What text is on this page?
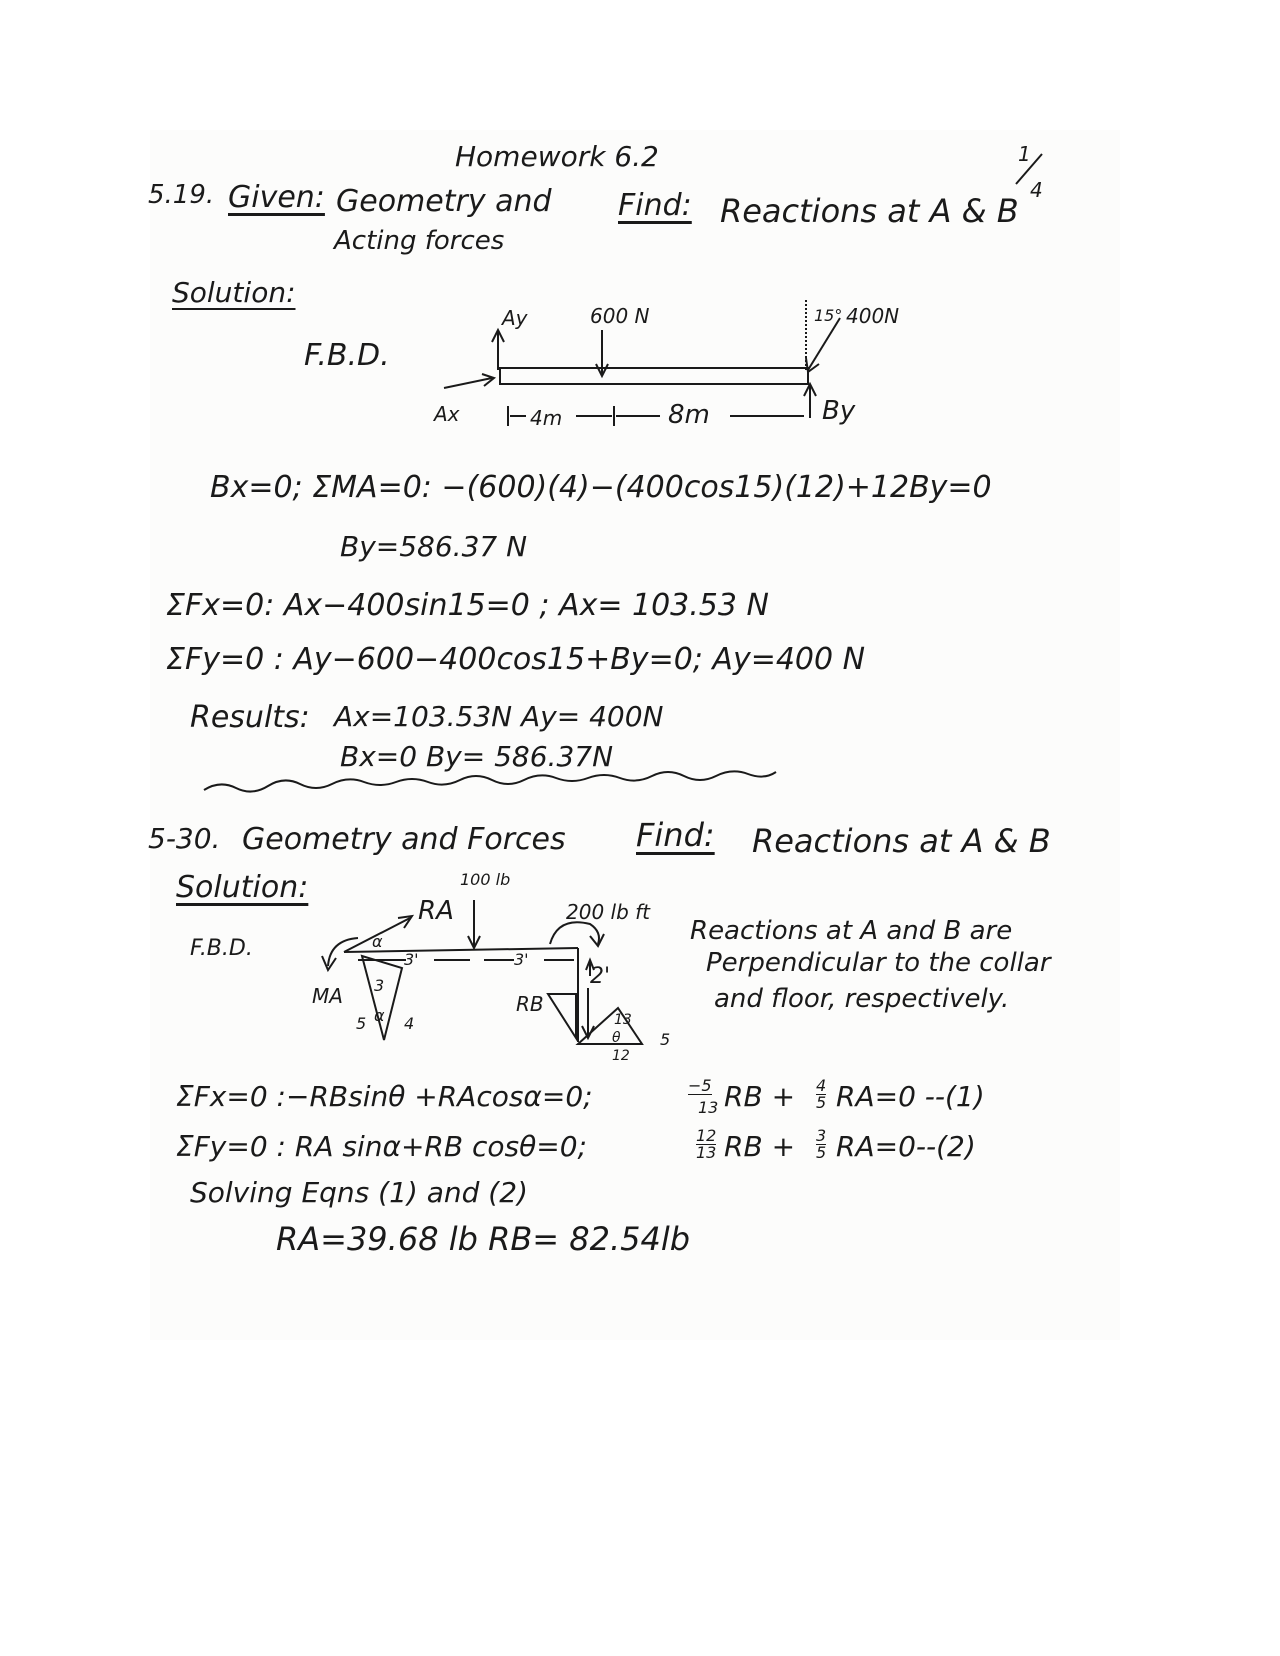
Homework 6.2	1
4
5.19. Given: Geometry and
Acting forces
Find: Reactions at A & B
Solution:
F.B.D.
Ay	600 N	15° 400N
Ax	4m	8m	By
Bx=0; ΣMA=0: −(600)(4)−(400cos15)(12)+12By=0
By=586.37 N
ΣFx=0: Ax−400sin15=0 ; Ax= 103.53 N
ΣFy=0 : Ay−600−400cos15+By=0; Ay=400 N
Results: Ax=103.53N Ay= 400N
Bx=0 By= 586.37N
5-30. Geometry and Forces Find: Reactions at A & B
Solution:
F.B.D.
RA
100 lb
200 lb ft
α
3'	3'
2'
MA 3
5 α 4
RB
13
θ 5
12
Reactions at A and B are
Perpendicular to the collar
and floor, respectively.
ΣFx=0 :−RBsinθ +RAcosα=0;	−5
13 RB + $\frac{4}{5} RA=0$ --(1)
ΣFy=0 : RA sinα+RB cosθ=0;	$\frac{12}{13}$ RB + $\frac{3}{5} RA=0--(2)$
Solving Eqns (1) and (2)
RA=39.68 lb RB= 82.54lb
